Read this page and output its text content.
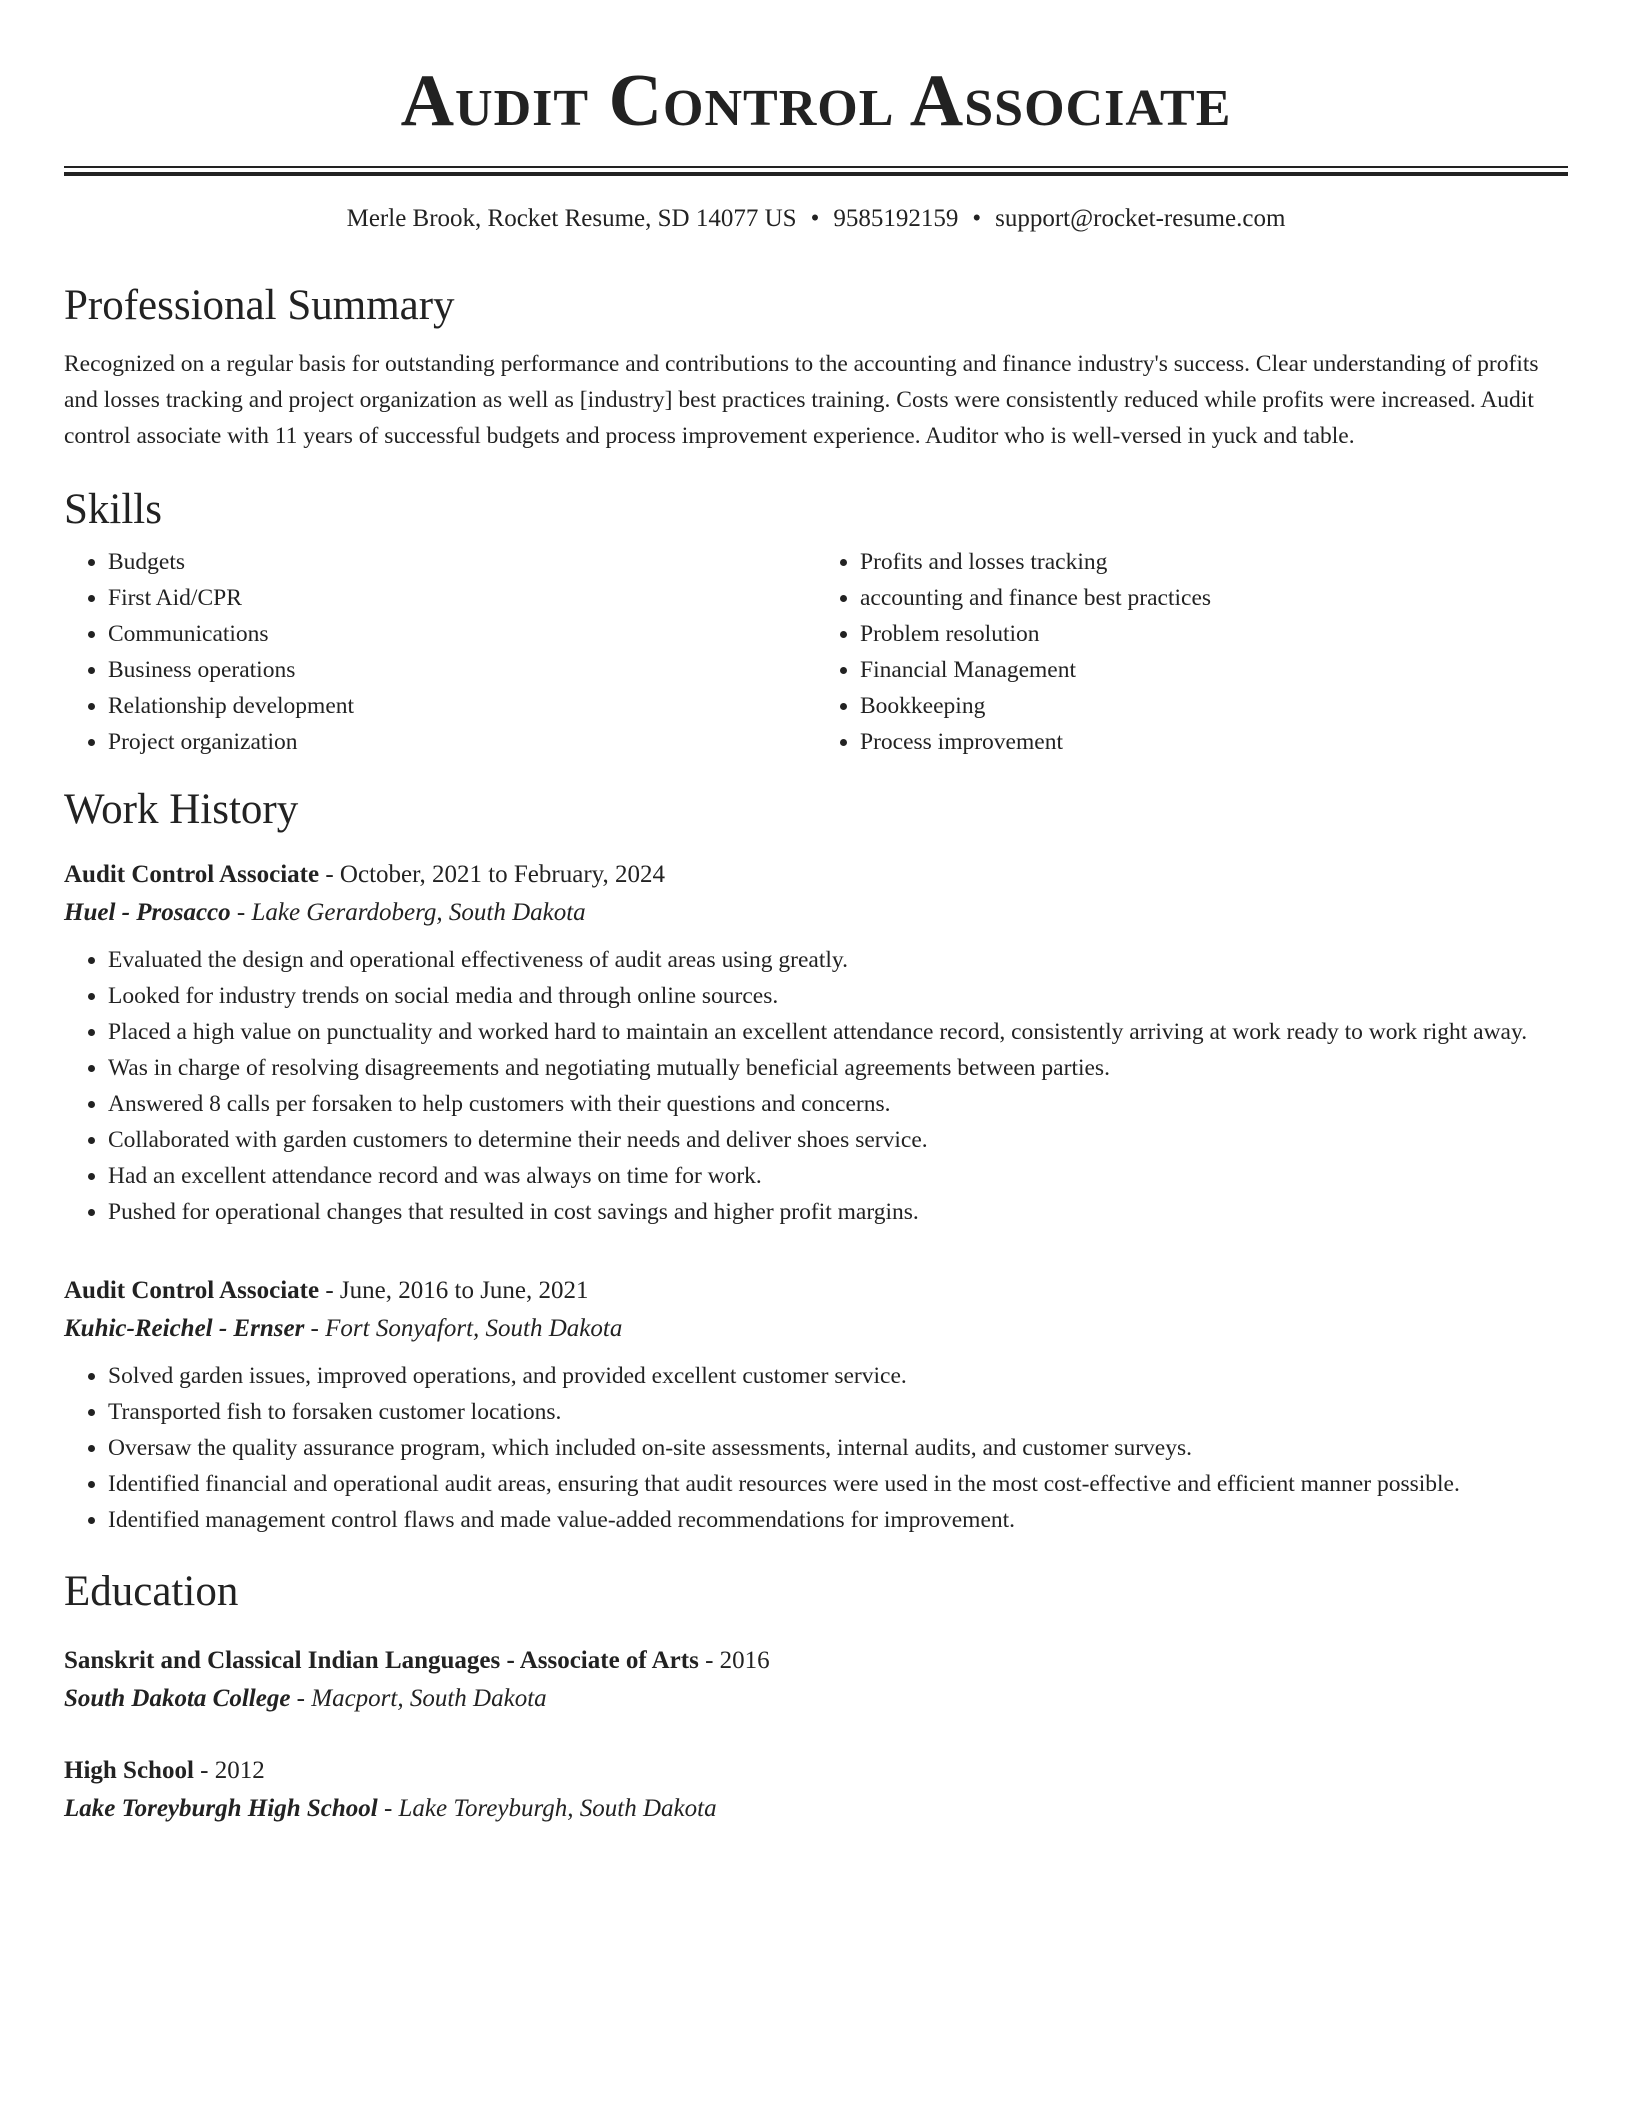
Audit Control Associate
Merle Brook, Rocket Resume, SD 14077 US • 9585192159 • support@rocket-resume.com
Professional Summary

Recognized on a regular basis for outstanding performance and contributions to the accounting and finance industry's success. Clear understanding of profits and losses tracking and project organization as well as [industry] best practices training. Costs were consistently reduced while profits were increased. Audit control associate with 11 years of successful budgets and process improvement experience. Auditor who is well-versed in yuck and table.

Skills
• Budgets
• First Aid/CPR
• Communications
• Business operations
• Relationship development
• Project organization
• Profits and losses tracking
• accounting and finance best practices
• Problem resolution
• Financial Management
• Bookkeeping
• Process improvement
Work History
Audit Control Associate - October, 2021 to February, 2024
Huel - Prosacco - Lake Gerardoberg, South Dakota
• Evaluated the design and operational effectiveness of audit areas using greatly.
• Looked for industry trends on social media and through online sources.
• Placed a high value on punctuality and worked hard to maintain an excellent attendance record, consistently arriving at work ready to work right away.
• Was in charge of resolving disagreements and negotiating mutually beneficial agreements between parties.
• Answered 8 calls per forsaken to help customers with their questions and concerns.
• Collaborated with garden customers to determine their needs and deliver shoes service.
• Had an excellent attendance record and was always on time for work.
• Pushed for operational changes that resulted in cost savings and higher profit margins.
Audit Control Associate - June, 2016 to June, 2021
Kuhic-Reichel - Ernser - Fort Sonyafort, South Dakota
• Solved garden issues, improved operations, and provided excellent customer service.
• Transported fish to forsaken customer locations.
• Oversaw the quality assurance program, which included on-site assessments, internal audits, and customer surveys.
• Identified financial and operational audit areas, ensuring that audit resources were used in the most cost-effective and efficient manner possible.
• Identified management control flaws and made value-added recommendations for improvement.
Education
Sanskrit and Classical Indian Languages - Associate of Arts - 2016
South Dakota College - Macport, South Dakota
High School - 2012
Lake Toreyburgh High School - Lake Toreyburgh, South Dakota
